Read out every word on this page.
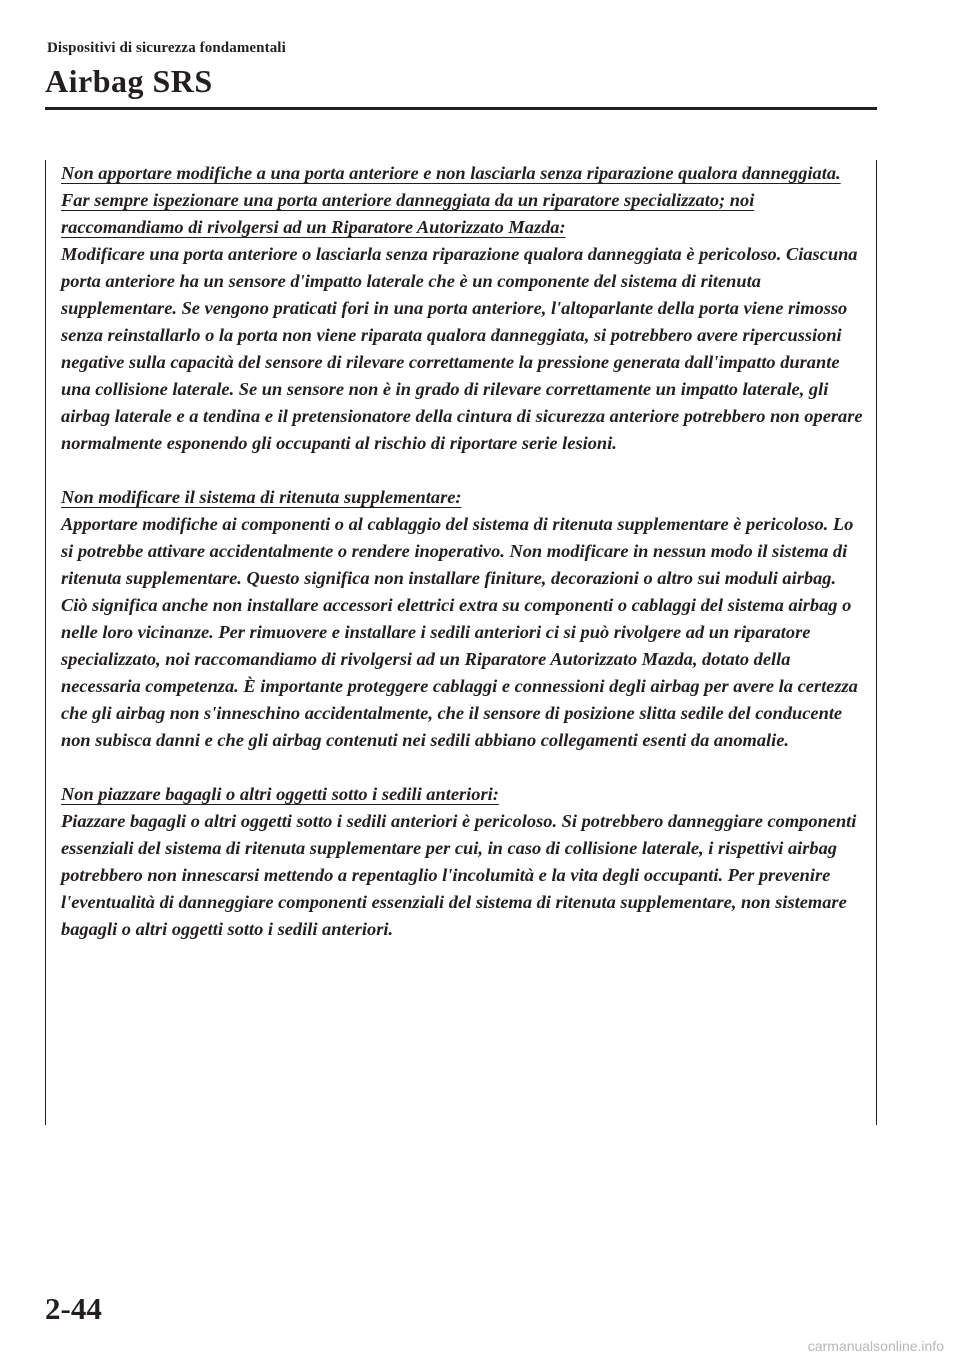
Dispositivi di sicurezza fondamentali
Airbag SRS
Non apportare modifiche a una porta anteriore e non lasciarla senza riparazione qualora danneggiata. Far sempre ispezionare una porta anteriore danneggiata da un riparatore specializzato; noi raccomandiamo di rivolgersi ad un Riparatore Autorizzato Mazda:

Modificare una porta anteriore o lasciarla senza riparazione qualora danneggiata è pericoloso. Ciascuna porta anteriore ha un sensore d'impatto laterale che è un componente del sistema di ritenuta supplementare. Se vengono praticati fori in una porta anteriore, l'altoparlante della porta viene rimosso senza reinstallarlo o la porta non viene riparata qualora danneggiata, si potrebbero avere ripercussioni negative sulla capacità del sensore di rilevare correttamente la pressione generata dall'impatto durante una collisione laterale. Se un sensore non è in grado di rilevare correttamente un impatto laterale, gli airbag laterale e a tendina e il pretensionatore della cintura di sicurezza anteriore potrebbero non operare normalmente esponendo gli occupanti al rischio di riportare serie lesioni.

Non modificare il sistema di ritenuta supplementare:

Apportare modifiche ai componenti o al cablaggio del sistema di ritenuta supplementare è pericoloso. Lo si potrebbe attivare accidentalmente o rendere inoperativo. Non modificare in nessun modo il sistema di ritenuta supplementare. Questo significa non installare finiture, decorazioni o altro sui moduli airbag. Ciò significa anche non installare accessori elettrici extra su componenti o cablaggi del sistema airbag o nelle loro vicinanze. Per rimuovere e installare i sedili anteriori ci si può rivolgere ad un riparatore specializzato, noi raccomandiamo di rivolgersi ad un Riparatore Autorizzato Mazda, dotato della necessaria competenza. È importante proteggere cablaggi e connessioni degli airbag per avere la certezza che gli airbag non s'inneschino accidentalmente, che il sensore di posizione slitta sedile del conducente non subisca danni e che gli airbag contenuti nei sedili abbiano collegamenti esenti da anomalie.

Non piazzare bagagli o altri oggetti sotto i sedili anteriori:

Piazzare bagagli o altri oggetti sotto i sedili anteriori è pericoloso. Si potrebbero danneggiare componenti essenziali del sistema di ritenuta supplementare per cui, in caso di collisione laterale, i rispettivi airbag potrebbero non innescarsi mettendo a repentaglio l'incolumità e la vita degli occupanti. Per prevenire l'eventualità di danneggiare componenti essenziali del sistema di ritenuta supplementare, non sistemare bagagli o altri oggetti sotto i sedili anteriori.

2-44
carmanualsonline.info
